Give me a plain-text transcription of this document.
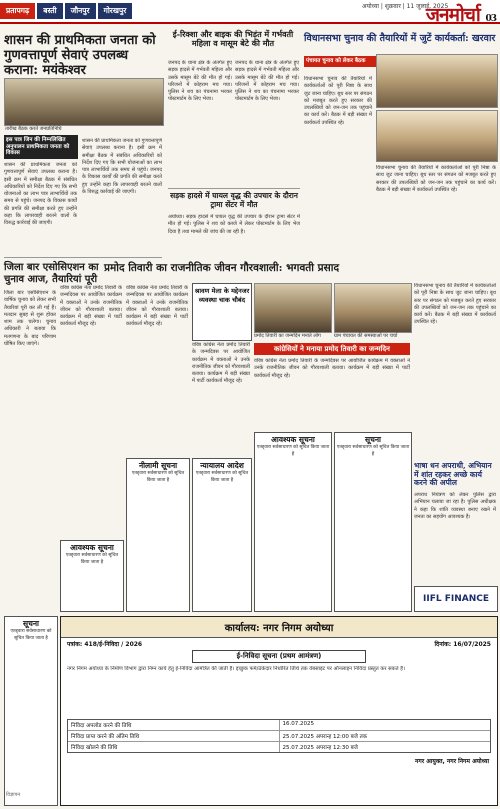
प्रतापगढ़	बस्ती	जौनपुर	गोरखपुर	अयोध्या | शुक्रवार | 11 जुलाई, 2025
जनमोर्चा 03
शासन की प्राथमिकता जनता को गुणवत्तापूर्ण सेवाएं उपलब्ध कराना: मयंकेश्वर
तारीख बैठक करते जनप्रतिनिधि
इस पात्र जिन की निम्नलिखित अनुपालन प्राथमिकता जनता को विकास
शासन की प्राथमिकता जनता को गुणवत्तापूर्ण सेवाएं उपलब्ध कराना है। इसी क्रम में समीक्षा बैठक में संबंधित अधिकारियों को निर्देश दिए गए कि सभी योजनाओं का लाभ पात्र लाभार्थियों तक समय से पहुंचे। जनपद के विकास कार्यों की प्रगति की समीक्षा करते हुए उन्होंने कहा कि लापरवाही बरतने वालों के विरुद्ध कार्रवाई की जाएगी।
शासन की प्राथमिकता जनता को गुणवत्तापूर्ण सेवाएं उपलब्ध कराना है। इसी क्रम में समीक्षा बैठक में संबंधित अधिकारियों को निर्देश दिए गए कि सभी योजनाओं का लाभ पात्र लाभार्थियों तक समय से पहुंचे। जनपद के विकास कार्यों की प्रगति की समीक्षा करते हुए उन्होंने कहा कि लापरवाही बरतने वालों के विरुद्ध कार्रवाई की जाएगी।
ई-रिक्शा और बाइक की भिड़ंत में गर्भवती महिला व मासूम बेटे की मौत
जनपद के थाना क्षेत्र के अंतर्गत हुए सड़क हादसे में गर्भवती महिला और उसके मासूम बेटे की मौत हो गई। परिजनों में कोहराम मच गया। पुलिस ने शव का पंचनामा भरकर पोस्टमार्टम के लिए भेजा।
जनपद के थाना क्षेत्र के अंतर्गत हुए सड़क हादसे में गर्भवती महिला और उसके मासूम बेटे की मौत हो गई। परिजनों में कोहराम मच गया। पुलिस ने शव का पंचनामा भरकर पोस्टमार्टम के लिए भेजा।
विधानसभा चुनाव की तैयारियों में जुटें कार्यकर्ता: खरवार
पंचायत चुनाव को लेकर बैठक
विधानसभा चुनाव की तैयारियों में कार्यकर्ताओं को पूरी निष्ठा के साथ जुट जाना चाहिए। बूथ स्तर पर संगठन को मजबूत करते हुए सरकार की उपलब्धियों को जन-जन तक पहुंचाने का कार्य करें। बैठक में बड़ी संख्या में कार्यकर्ता उपस्थित रहे।
विधानसभा चुनाव की तैयारियों में कार्यकर्ताओं को पूरी निष्ठा के साथ जुट जाना चाहिए। बूथ स्तर पर संगठन को मजबूत करते हुए सरकार की उपलब्धियों को जन-जन तक पहुंचाने का कार्य करें। बैठक में बड़ी संख्या में कार्यकर्ता उपस्थित रहे।
सड़क हादसे में घायल वृद्ध की उपचार के दौरान ट्रामा सेंटर में मौत
अयोध्या। सड़क हादसे में घायल वृद्ध की उपचार के दौरान ट्रामा सेंटर में मौत हो गई। पुलिस ने शव को कब्जे में लेकर पोस्टमार्टम के लिए भेज दिया है तथा मामले की जांच की जा रही है।
जिला बार एसोसिएशन का चुनाव आज, तैयारियां पूरी
जिला बार एसोसिएशन के वार्षिक चुनाव को लेकर सभी तैयारियां पूरी कर ली गई हैं। मतदान सुबह से शुरू होकर शाम तक चलेगा। चुनाव अधिकारी ने बताया कि मतगणना के बाद परिणाम घोषित किए जाएंगे।
प्रमोद तिवारी का राजनीतिक जीवन गौरवशाली: भगवती प्रसाद
वरिष्ठ कांग्रेस नेता प्रमोद तिवारी के जन्मदिवस पर आयोजित कार्यक्रम में वक्ताओं ने उनके राजनीतिक जीवन को गौरवशाली बताया। कार्यक्रम में बड़ी संख्या में पार्टी कार्यकर्ता मौजूद रहे।
वरिष्ठ कांग्रेस नेता प्रमोद तिवारी के जन्मदिवस पर आयोजित कार्यक्रम में वक्ताओं ने उनके राजनीतिक जीवन को गौरवशाली बताया। कार्यक्रम में बड़ी संख्या में पार्टी कार्यकर्ता मौजूद रहे।
श्रावण मेला के मद्देनजर व्यवस्था चाक चौबंद
वरिष्ठ कांग्रेस नेता प्रमोद तिवारी के जन्मदिवस पर आयोजित कार्यक्रम में वक्ताओं ने उनके राजनीतिक जीवन को गौरवशाली बताया। कार्यक्रम में बड़ी संख्या में पार्टी कार्यकर्ता मौजूद रहे।
प्रमोद तिवारी का जन्मदिन मनाते लोग	ग्राम पंचायत की समस्याओं पर चर्चा
कांग्रेसियों ने मनाया प्रमोद तिवारी का जन्मदिन
वरिष्ठ कांग्रेस नेता प्रमोद तिवारी के जन्मदिवस पर आयोजित कार्यक्रम में वक्ताओं ने उनके राजनीतिक जीवन को गौरवशाली बताया। कार्यक्रम में बड़ी संख्या में पार्टी कार्यकर्ता मौजूद रहे।
विधानसभा चुनाव की तैयारियों में कार्यकर्ताओं को पूरी निष्ठा के साथ जुट जाना चाहिए। बूथ स्तर पर संगठन को मजबूत करते हुए सरकार की उपलब्धियों को जन-जन तक पहुंचाने का कार्य करें। बैठक में बड़ी संख्या में कार्यकर्ता उपस्थित रहे।
भाषा धन अपराधी, अभियान में शांत रहकर अच्छे कार्य करने की अपील
अपराध नियंत्रण को लेकर पुलिस द्वारा अभियान चलाया जा रहा है। पुलिस अधीक्षक ने कहा कि शांति व्यवस्था बनाए रखने में जनता का सहयोग आवश्यक है।
आवश्यक सूचना
एतद्द्वारा सर्वसाधारण को सूचित किया जाता है
नीलामी सूचना
एतद्द्वारा सर्वसाधारण को सूचित किया जाता है
न्यायालय आदेश
एतद्द्वारा सर्वसाधारण को सूचित किया जाता है
आवश्यक सूचना
एतद्द्वारा सर्वसाधारण को सूचित किया जाता है
सूचना
एतद्द्वारा सर्वसाधारण को सूचित किया जाता है
IIFL FINANCE
कार्यालय: नगर निगम अयोध्या
पत्रांक: 418/ई-निविदा / 2026	दिनांक: 16/07/2025
ई-निविदा सूचना (प्रथम आमंत्रण)
नगर निगम अयोध्या के निर्माण विभाग द्वारा निम्न कार्य हेतु ई-निविदा आमंत्रित की जाती है। इच्छुक फर्म/ठेकेदार निर्धारित तिथि तक वेबसाइट पर ऑनलाइन निविदा प्रस्तुत कर सकते हैं।
निविदा अपलोड करने की तिथि	16.07.2025
निविदा प्राप्त करने की अंतिम तिथि	25.07.2025 अपरान्ह 12:00 बजे तक
निविदा खोलने की तिथि	25.07.2025 अपरान्ह 12:30 बजे
नगर आयुक्त, नगर निगम अयोध्या
सूचना
एतद्द्वारा सर्वसाधारण को सूचित किया जाता है
विज्ञापन
